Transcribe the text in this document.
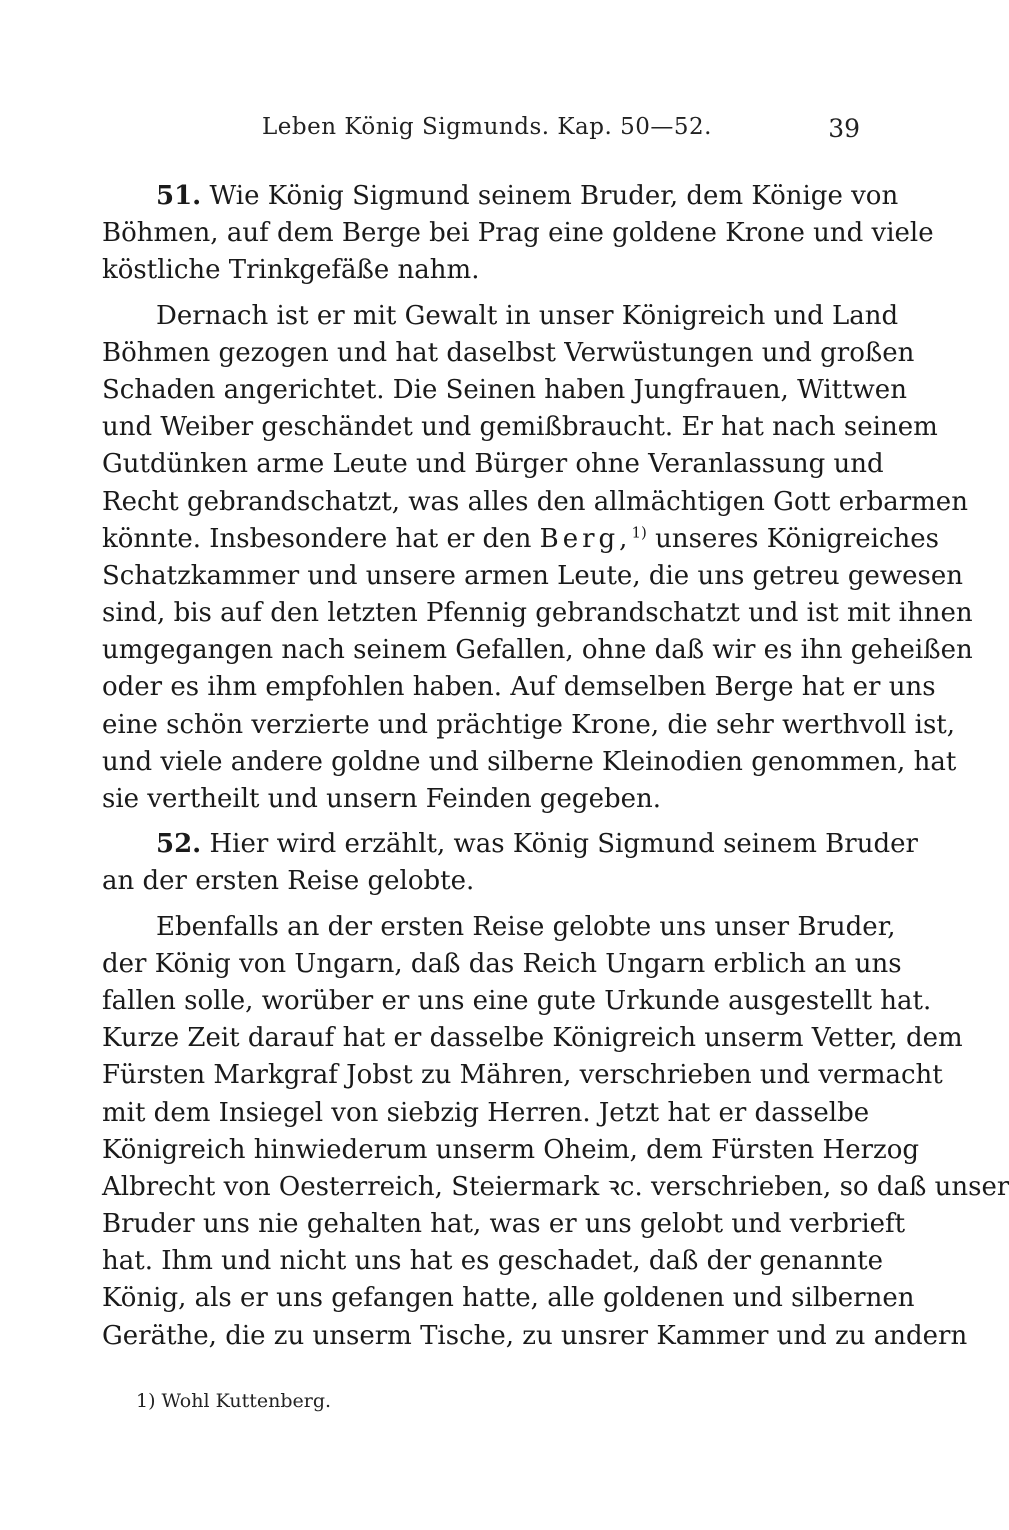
Leben König Sigmunds. Kap. 50—52.	39
51. Wie König Sigmund seinem Bruder, dem Könige von
Böhmen, auf dem Berge bei Prag eine goldene Krone und viele
köstliche Trinkgefäße nahm.
Dernach ist er mit Gewalt in unser Königreich und Land
Böhmen gezogen und hat daselbst Verwüstungen und großen
Schaden angerichtet. Die Seinen haben Jungfrauen, Wittwen
und Weiber geschändet und gemißbraucht. Er hat nach seinem
Gutdünken arme Leute und Bürger ohne Veranlassung und
Recht gebrandschatzt, was alles den allmächtigen Gott erbarmen
könnte. Insbesondere hat er den Berg,$^{1)}$ unseres Königreiches
Schatzkammer und unsere armen Leute, die uns getreu gewesen
sind, bis auf den letzten Pfennig gebrandschatzt und ist mit ihnen
umgegangen nach seinem Gefallen, ohne daß wir es ihn geheißen
oder es ihm empfohlen haben. Auf demselben Berge hat er uns
eine schön verzierte und prächtige Krone, die sehr werthvoll ist,
und viele andere goldne und silberne Kleinodien genommen, hat
sie vertheilt und unsern Feinden gegeben.
52. Hier wird erzählt, was König Sigmund seinem Bruder
an der ersten Reise gelobte.
Ebenfalls an der ersten Reise gelobte uns unser Bruder,
der König von Ungarn, daß das Reich Ungarn erblich an uns
fallen solle, worüber er uns eine gute Urkunde ausgestellt hat.
Kurze Zeit darauf hat er dasselbe Königreich unserm Vetter, dem
Fürsten Markgraf Jobst zu Mähren, verschrieben und vermacht
mit dem Insiegel von siebzig Herren. Jetzt hat er dasselbe
Königreich hinwiederum unserm Oheim, dem Fürsten Herzog
Albrecht von Oesterreich, Steiermark ꝛc. verschrieben, so daß unser
Bruder uns nie gehalten hat, was er uns gelobt und verbrieft
hat. Ihm und nicht uns hat es geschadet, daß der genannte
König, als er uns gefangen hatte, alle goldenen und silbernen
Geräthe, die zu unserm Tische, zu unsrer Kammer und zu andern
1) Wohl Kuttenberg.
